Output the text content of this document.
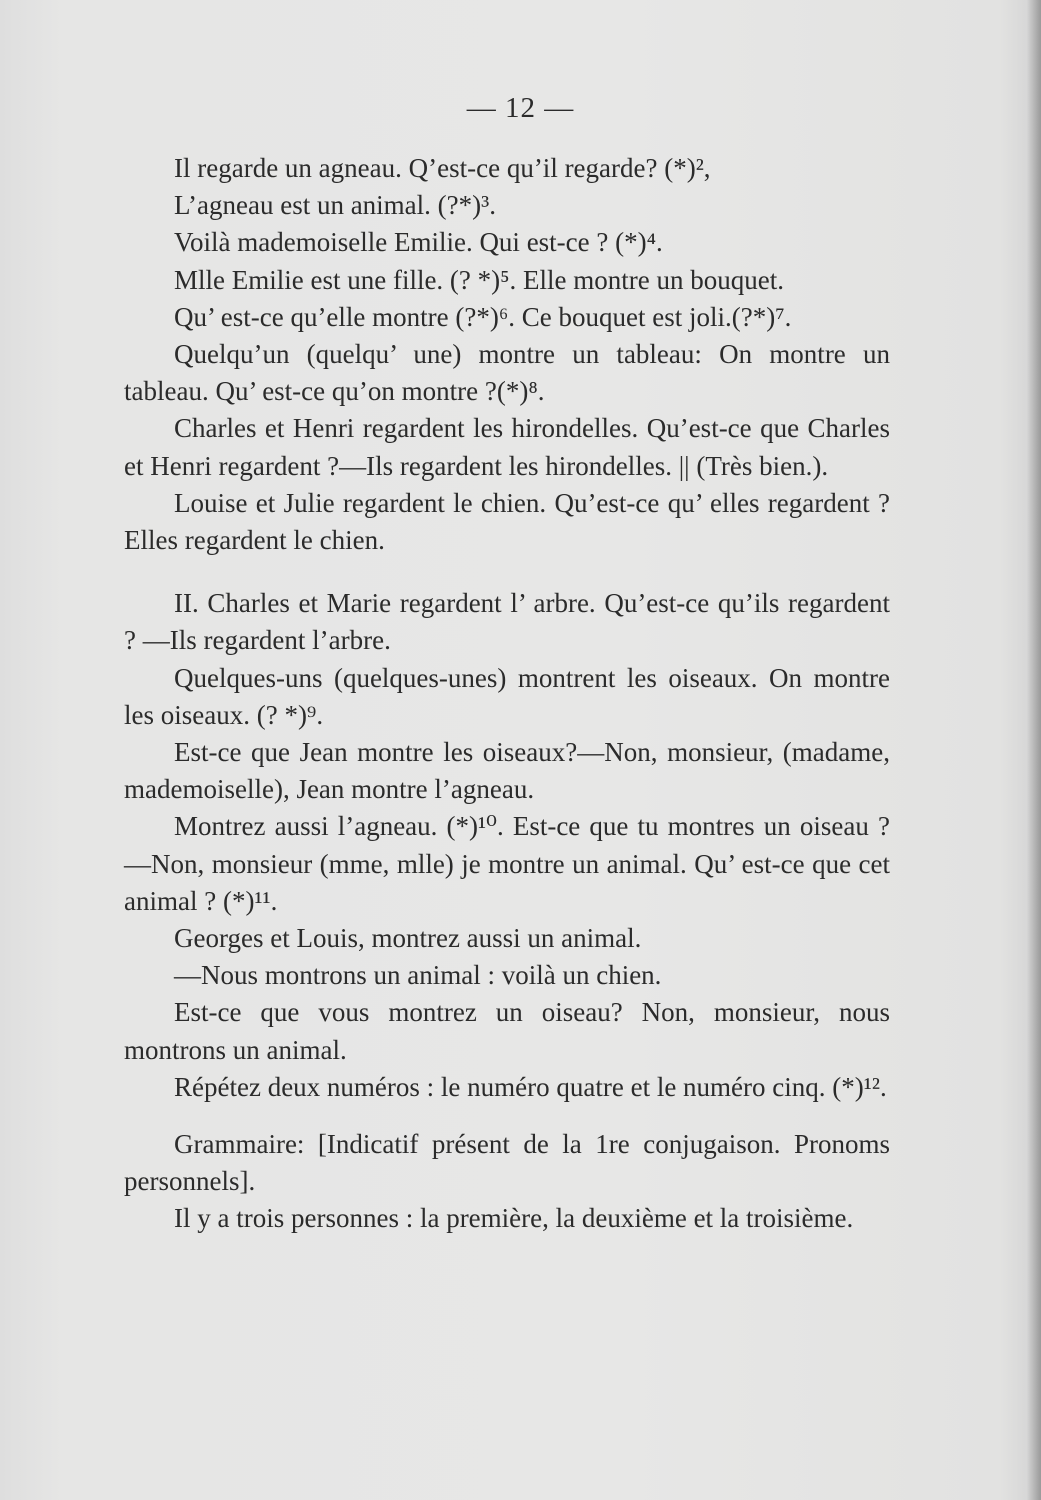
— 12 —

Il regarde un agneau. Q’est-ce qu’il regarde? (*)²,

L’agneau est un animal. (?*)³.

Voilà mademoiselle Emilie. Qui est-ce ? (*)⁴.

Mlle Emilie est une fille. (? *)⁵. Elle montre un bouquet.

Qu’ est-ce qu’elle montre (?*)⁶. Ce bouquet est joli.(?*)⁷.

Quelqu’un (quelqu’ une) montre un tableau: On montre un tableau. Qu’ est-ce qu’on montre ?(*)⁸.

Charles et Henri regardent les hirondelles. Qu’est-ce que Charles et Henri regardent ?—Ils regardent les hirondelles. || (Très bien.).

Louise et Julie regardent le chien. Qu’est-ce qu’ elles regardent ? Elles regardent le chien.

II. Charles et Marie regardent l’ arbre. Qu’est-ce qu’ils regardent ? —Ils regardent l’arbre.

Quelques-uns (quelques-unes) montrent les oiseaux. On montre les oiseaux. (? *)⁹.

Est-ce que Jean montre les oiseaux?—Non, monsieur, (madame, mademoiselle), Jean montre l’agneau.

Montrez aussi l’agneau. (*)¹⁰. Est-ce que tu montres un oiseau ?—Non, monsieur (mme, mlle) je montre un animal. Qu’ est-ce que cet animal ? (*)¹¹.

Georges et Louis, montrez aussi un animal.

—Nous montrons un animal : voilà un chien.

Est-ce que vous montrez un oiseau? Non, monsieur, nous montrons un animal.

Répétez deux numéros : le numéro quatre et le numéro cinq. (*)¹².

Grammaire: [Indicatif présent de la 1re conjugaison. Pronoms personnels].

Il y a trois personnes : la première, la deuxième et la troisième.
